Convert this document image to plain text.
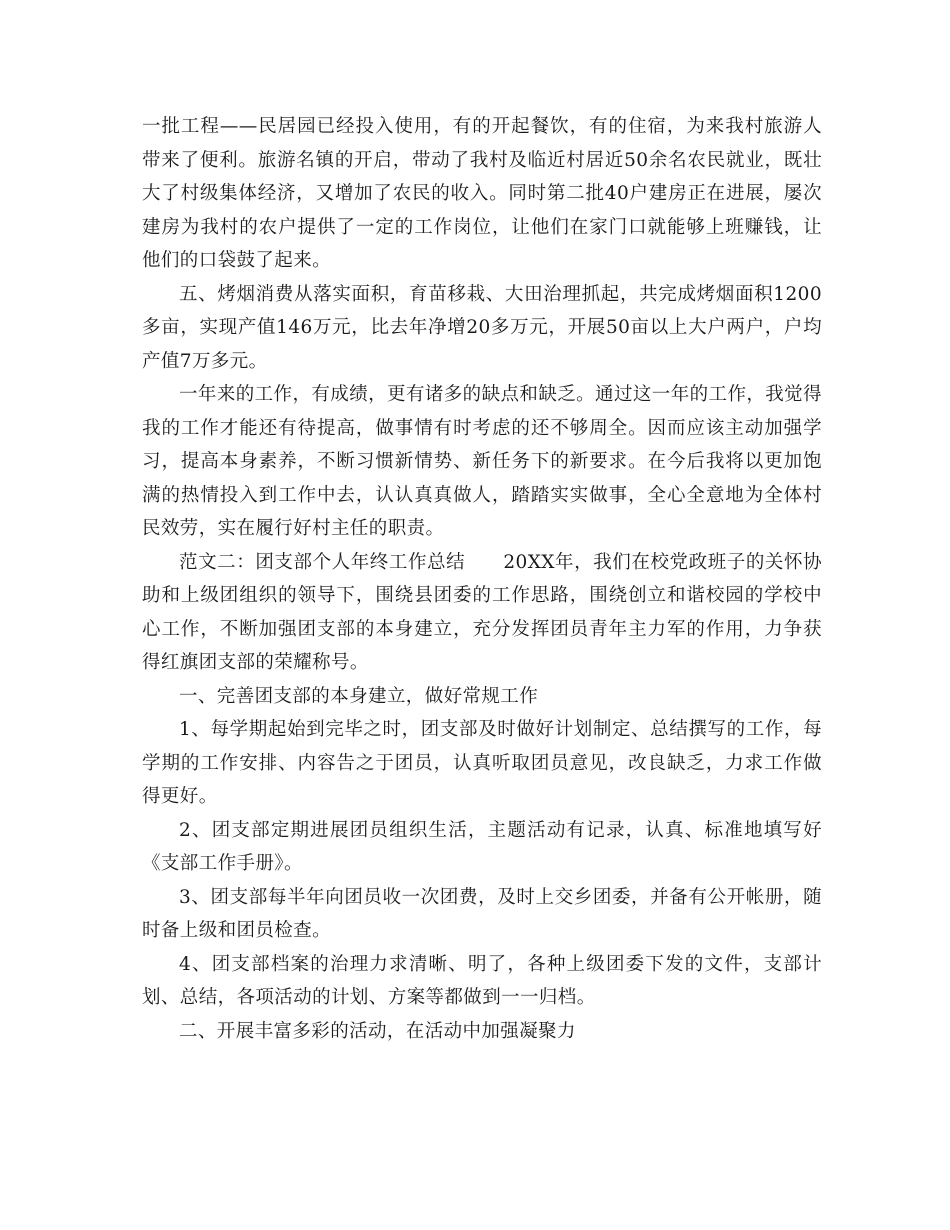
一批工程——民居园已经投入使用，有的开起餐饮，有的住宿，为来我村旅游人带来了便利。旅游名镇的开启，带动了我村及临近村居近50余名农民就业，既壮大了村级集体经济，又增加了农民的收入。同时第二批40户建房正在进展，屡次建房为我村的农户提供了一定的工作岗位，让他们在家门口就能够上班赚钱，让他们的口袋鼓了起来。

五、烤烟消费从落实面积，育苗移栽、大田治理抓起，共完成烤烟面积1200多亩，实现产值146万元，比去年净增20多万元，开展50亩以上大户两户，户均产值7万多元。

一年来的工作，有成绩，更有诸多的缺点和缺乏。通过这一年的工作，我觉得我的工作才能还有待提高，做事情有时考虑的还不够周全。因而应该主动加强学习，提高本身素养，不断习惯新情势、新任务下的新要求。在今后我将以更加饱满的热情投入到工作中去，认认真真做人，踏踏实实做事，全心全意地为全体村民效劳，实在履行好村主任的职责。

范文二：团支部个人年终工作总结　　20XX年，我们在校党政班子的关怀协助和上级团组织的领导下，围绕县团委的工作思路，围绕创立和谐校园的学校中心工作，不断加强团支部的本身建立，充分发挥团员青年主力军的作用，力争获得红旗团支部的荣耀称号。

一、完善团支部的本身建立，做好常规工作

1、每学期起始到完毕之时，团支部及时做好计划制定、总结撰写的工作，每学期的工作安排、内容告之于团员，认真听取团员意见，改良缺乏，力求工作做得更好。

2、团支部定期进展团员组织生活，主题活动有记录，认真、标准地填写好《支部工作手册》。

3、团支部每半年向团员收一次团费，及时上交乡团委，并备有公开帐册，随时备上级和团员检查。

4、团支部档案的治理力求清晰、明了，各种上级团委下发的文件，支部计划、总结，各项活动的计划、方案等都做到一一归档。

二、开展丰富多彩的活动，在活动中加强凝聚力
